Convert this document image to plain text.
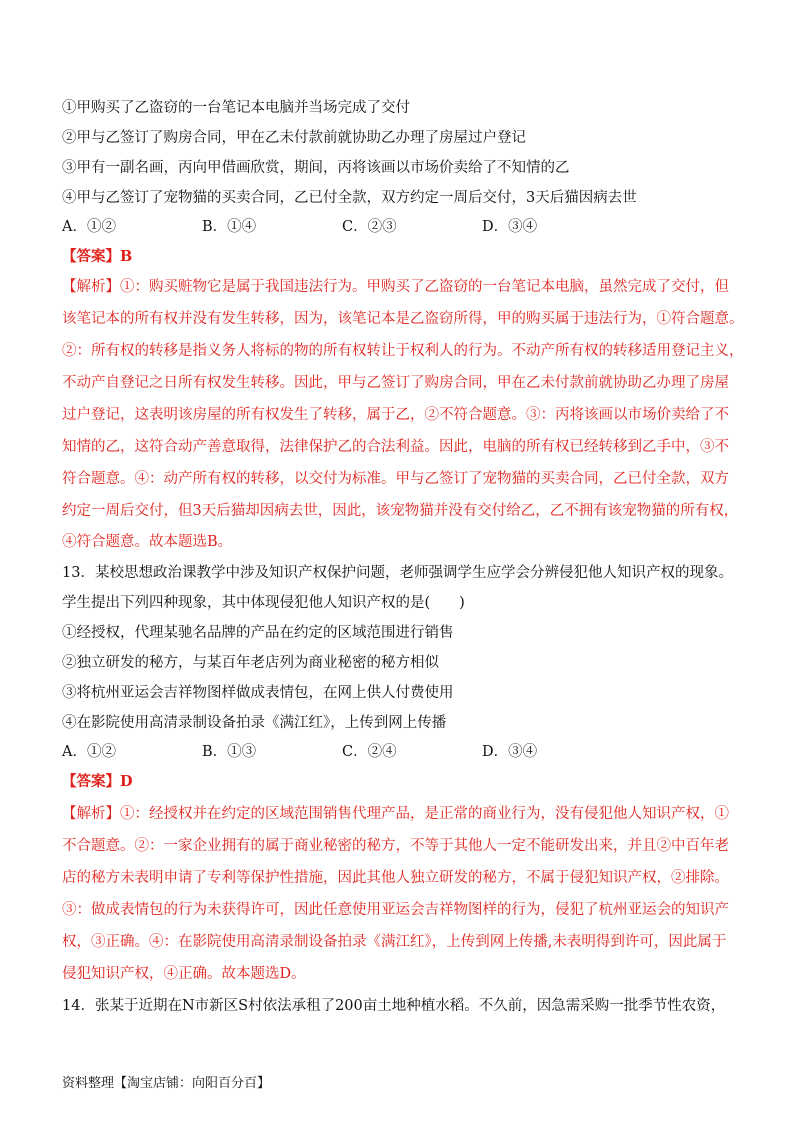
①甲购买了乙盗窃的一台笔记本电脑并当场完成了交付
②甲与乙签订了购房合同，甲在乙未付款前就协助乙办理了房屋过户登记
③甲有一副名画，丙向甲借画欣赏，期间，丙将该画以市场价卖给了不知情的乙
④甲与乙签订了宠物猫的买卖合同，乙已付全款，双方约定一周后交付，3天后猫因病去世
A．①②	B．①④	C．②③	D．③④
【答案】B
【解析】①：购买赃物它是属于我国违法行为。甲购买了乙盗窃的一台笔记本电脑，虽然完成了交付，但
该笔记本的所有权并没有发生转移，因为，该笔记本是乙盗窃所得，甲的购买属于违法行为，①符合题意。
②：所有权的转移是指义务人将标的物的所有权转让于权利人的行为。不动产所有权的转移适用登记主义，
不动产自登记之日所有权发生转移。因此，甲与乙签订了购房合同，甲在乙未付款前就协助乙办理了房屋
过户登记，这表明该房屋的所有权发生了转移，属于乙，②不符合题意。③：丙将该画以市场价卖给了不
知情的乙，这符合动产善意取得，法律保护乙的合法利益。因此，电脑的所有权已经转移到乙手中，③不
符合题意。④：动产所有权的转移，以交付为标准。甲与乙签订了宠物猫的买卖合同，乙已付全款，双方
约定一周后交付，但3天后猫却因病去世，因此，该宠物猫并没有交付给乙，乙不拥有该宠物猫的所有权，
④符合题意。故本题选B。
13．某校思想政治课教学中涉及知识产权保护问题，老师强调学生应学会分辨侵犯他人知识产权的现象。
学生提出下列四种现象，其中体现侵犯他人知识产权的是(　　)
①经授权，代理某驰名品牌的产品在约定的区域范围进行销售
②独立研发的秘方，与某百年老店列为商业秘密的秘方相似
③将杭州亚运会吉祥物图样做成表情包，在网上供人付费使用
④在影院使用高清录制设备拍录《满江红》，上传到网上传播
A．①②	B．①③	C．②④	D．③④
【答案】D
【解析】①：经授权并在约定的区域范围销售代理产品，是正常的商业行为，没有侵犯他人知识产权，①
不合题意。②：一家企业拥有的属于商业秘密的秘方，不等于其他人一定不能研发出来，并且②中百年老
店的秘方未表明申请了专利等保护性措施，因此其他人独立研发的秘方，不属于侵犯知识产权，②排除。
③：做成表情包的行为未获得许可，因此任意使用亚运会吉祥物图样的行为，侵犯了杭州亚运会的知识产
权，③正确。④：在影院使用高清录制设备拍录《满江红》，上传到网上传播,未表明得到许可，因此属于
侵犯知识产权，④正确。故本题选D。
14．张某于近期在N市新区S村依法承租了200亩土地种植水稻。不久前，因急需采购一批季节性农资，
资料整理【淘宝店铺：向阳百分百】
